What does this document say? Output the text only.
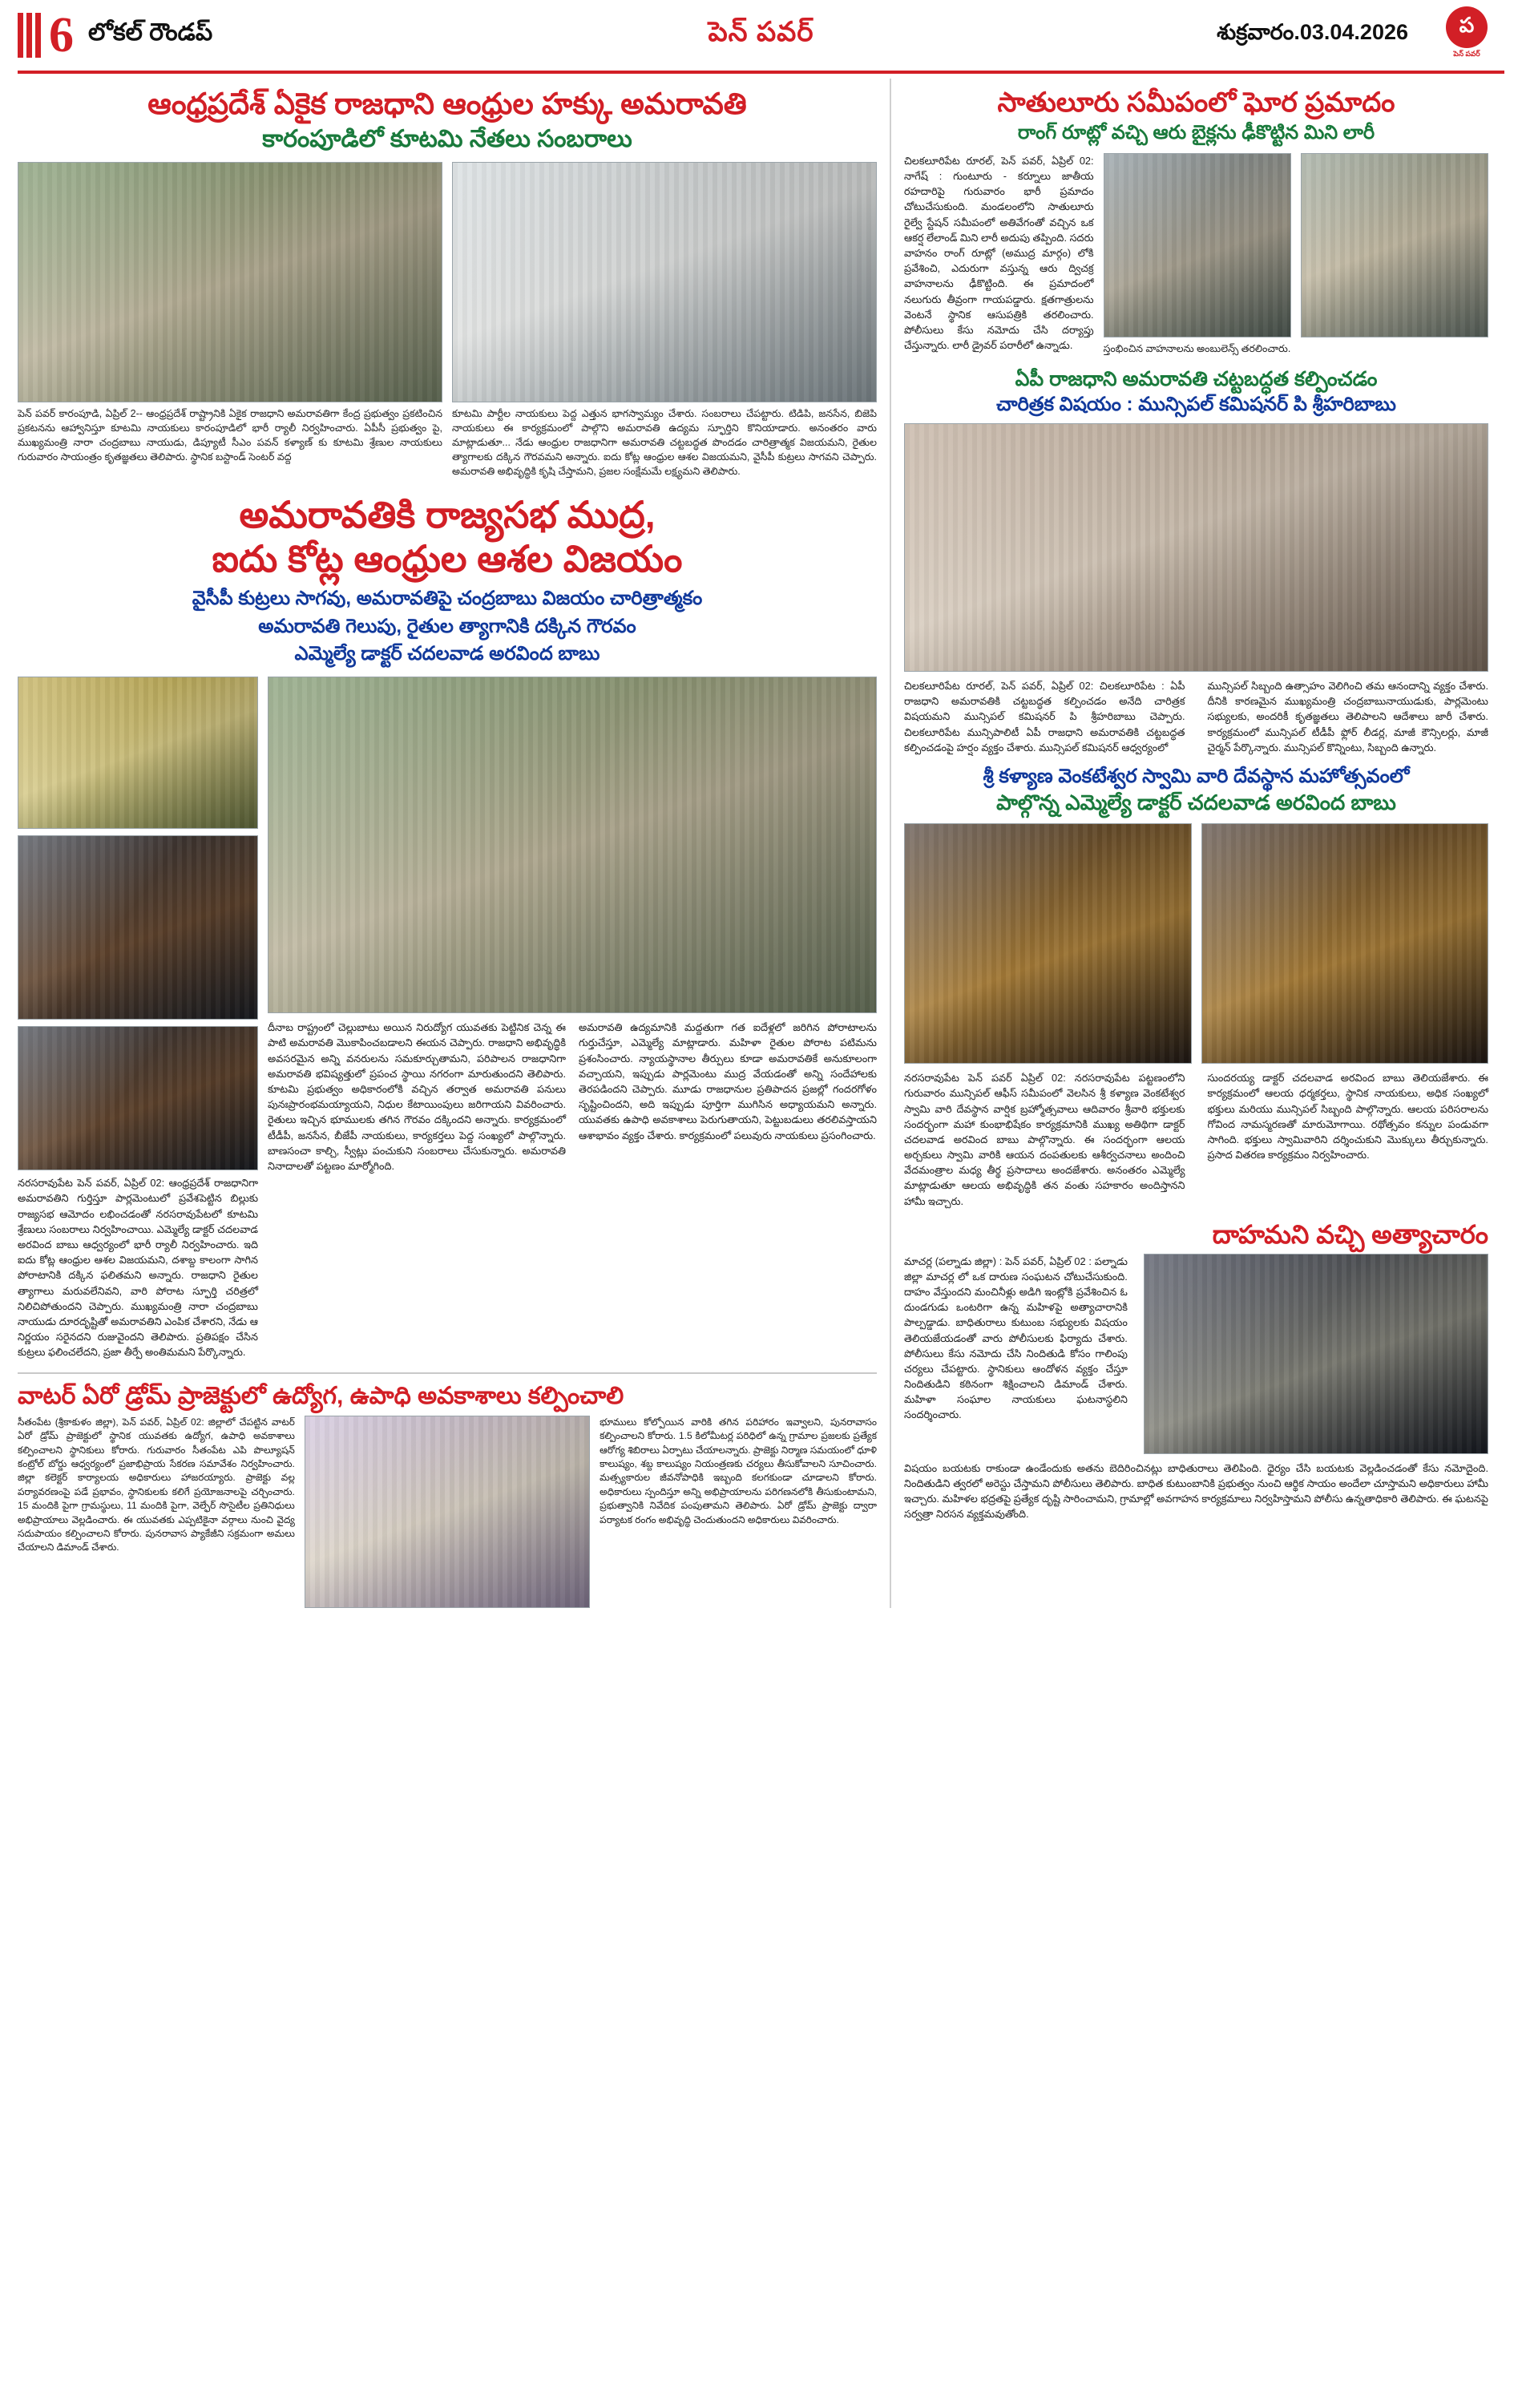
6 లోకల్ రౌండప్	పెన్ పవర్	శుక్రవారం.03.04.2026	ప
పెన్ పవర్
ఆంధ్రప్రదేశ్ ఏకైక రాజధాని ఆంధ్రుల హక్కు అమరావతి
కారంపూడిలో కూటమి నేతలు సంబరాలు
పెన్ పవర్ కారంపూడి, ఏప్రిల్ 2-- ఆంధ్రప్రదేశ్ రాష్ట్రానికి ఏకైక రాజధాని అమరావతిగా కేంద్ర ప్రభుత్వం ప్రకటించిన ప్రకటనను ఆహ్వానిస్తూ కూటమి నాయకులు కారంపూడిలో భారీ ర్యాలీ నిర్వహించారు. ఏపీసీ ప్రభుత్వం పై, ముఖ్యమంత్రి నారా చంద్రబాబు నాయుడు, డిప్యూటీ సీఎం పవన్ కళ్యాణ్ కు కూటమి శ్రేణుల నాయకులు గురువారం సాయంత్రం కృతజ్ఞతలు తెలిపారు. స్థానిక బస్టాండ్ సెంటర్ వద్ద
కూటమి పార్టీల నాయకులు పెద్ద ఎత్తున భాగస్వామ్యం చేశారు. సంబరాలు చేపట్టారు. టిడిపి, జనసేన, బిజెపి నాయకులు ఈ కార్యక్రమంలో పాల్గొని అమరావతి ఉద్యమ స్ఫూర్తిని కొనియాడారు. అనంతరం వారు మాట్లాడుతూ... నేడు ఆంధ్రుల రాజధానిగా అమరావతి చట్టబద్ధత పొందడం చారిత్రాత్మక విజయమని, రైతుల త్యాగాలకు దక్కిన గౌరవమని అన్నారు. ఐదు కోట్ల ఆంధ్రుల ఆశల విజయమని, వైసీపీ కుట్రలు సాగవని చెప్పారు. అమరావతి అభివృద్ధికి కృషి చేస్తామని, ప్రజల సంక్షేమమే లక్ష్యమని తెలిపారు.
అమరావతికి రాజ్యసభ ముద్ర,
ఐదు కోట్ల ఆంధ్రుల ఆశల విజయం
వైసీపీ కుట్రలు సాగవు, అమరావతిపై చంద్రబాబు విజయం చారిత్రాత్మకం
అమరావతి గెలుపు, రైతుల త్యాగానికి దక్కిన గౌరవం
ఎమ్మెల్యే డాక్టర్ చదలవాడ అరవింద బాబు
నరసరావుపేట పెన్ పవర్, ఏప్రిల్ 02: ఆంధ్రప్రదేశ్ రాజధానిగా అమరావతిని గుర్తిస్తూ పార్లమెంటులో ప్రవేశపెట్టిన బిల్లుకు రాజ్యసభ ఆమోదం లభించడంతో నరసరావుపేటలో కూటమి శ్రేణులు సంబరాలు నిర్వహించాయి. ఎమ్మెల్యే డాక్టర్ చదలవాడ అరవింద బాబు ఆధ్వర్యంలో భారీ ర్యాలీ నిర్వహించారు. ఇది ఐదు కోట్ల ఆంధ్రుల ఆశల విజయమని, దశాబ్ద కాలంగా సాగిన పోరాటానికి దక్కిన ఫలితమని అన్నారు. రాజధాని రైతుల త్యాగాలు మరువలేనివని, వారి పోరాట స్ఫూర్తి చరిత్రలో నిలిచిపోతుందని చెప్పారు. ముఖ్యమంత్రి నారా చంద్రబాబు నాయుడు దూరదృష్టితో అమరావతిని ఎంపిక చేశారని, నేడు ఆ నిర్ణయం సరైనదని రుజువైందని తెలిపారు. ప్రతిపక్షం చేసిన కుట్రలు ఫలించలేదని, ప్రజా తీర్పే అంతిమమని పేర్కొన్నారు.
దీనాబ రాష్ట్రంలో చెల్లుబాటు అయిన నిరుద్యోగ యువతకు పెట్టినిక చెన్న ఈ పాటి అమరావతి మెుకాపించబడాలని ఈయన చెప్పారు. రాజధాని అభివృద్ధికి అవసరమైన అన్ని వనరులను సమకూర్చుతామని, పరిపాలన రాజధానిగా అమరావతి భవిష్యత్తులో ప్రపంచ స్థాయి నగరంగా మారుతుందని తెలిపారు. కూటమి ప్రభుత్వం అధికారంలోకి వచ్చిన తర్వాత అమరావతి పనులు పునఃప్రారంభమయ్యాయని, నిధుల కేటాయింపులు జరిగాయని వివరించారు. రైతులు ఇచ్చిన భూములకు తగిన గౌరవం దక్కిందని అన్నారు. కార్యక్రమంలో టీడీపీ, జనసేన, బీజేపీ నాయకులు, కార్యకర్తలు పెద్ద సంఖ్యలో పాల్గొన్నారు. బాణసంచా కాల్చి, స్వీట్లు పంచుకుని సంబరాలు చేసుకున్నారు. అమరావతి నినాదాలతో పట్టణం మార్మోగింది.
అమరావతి ఉద్యమానికి మద్దతుగా గత ఐదేళ్లలో జరిగిన పోరాటాలను గుర్తుచేస్తూ, ఎమ్మెల్యే మాట్లాడారు. మహిళా రైతుల పోరాట పటిమను ప్రశంసించారు. న్యాయస్థానాల తీర్పులు కూడా అమరావతికే అనుకూలంగా వచ్చాయని, ఇప్పుడు పార్లమెంటు ముద్ర వేయడంతో అన్ని సందేహాలకు తెరపడిందని చెప్పారు. మూడు రాజధానుల ప్రతిపాదన ప్రజల్లో గందరగోళం సృష్టించిందని, అది ఇప్పుడు పూర్తిగా ముగిసిన అధ్యాయమని అన్నారు. యువతకు ఉపాధి అవకాశాలు పెరుగుతాయని, పెట్టుబడులు తరలివస్తాయని ఆశాభావం వ్యక్తం చేశారు. కార్యక్రమంలో పలువురు నాయకులు ప్రసంగించారు.
వాటర్ ఏరో డ్రోమ్ ప్రాజెక్టులో ఉద్యోగ, ఉపాధి అవకాశాలు కల్పించాలి
సీతంపేట (శ్రీకాకుళం జిల్లా), పెన్ పవర్, ఏప్రిల్ 02: జిల్లాలో చేపట్టిన వాటర్ ఏరో డ్రోమ్ ప్రాజెక్టులో స్థానిక యువతకు ఉద్యోగ, ఉపాధి అవకాశాలు కల్పించాలని స్థానికులు కోరారు. గురువారం సీతంపేట ఎపి పొల్యూషన్ కంట్రోల్ బోర్డు ఆధ్వర్యంలో ప్రజాభిప్రాయ సేకరణ సమావేశం నిర్వహించారు. జిల్లా కలెక్టర్ కార్యాలయ అధికారులు హాజరయ్యారు. ప్రాజెక్టు వల్ల పర్యావరణంపై పడే ప్రభావం, స్థానికులకు కలిగే ప్రయోజనాలపై చర్చించారు. 15 మందికి పైగా గ్రామస్థులు, 11 మందికి పైగా, వెల్ఫేర్ సొసైటీల ప్రతినిధులు అభిప్రాయాలు వెల్లడించారు. ఈ యువతకు ఎప్పటికైనా వర్గాలు నుంచి వైద్య సదుపాయం కల్పించాలని కోరారు. పునరావాస ప్యాకేజీని సక్రమంగా అమలు చేయాలని డిమాండ్ చేశారు.
భూములు కోల్పోయిన వారికి తగిన పరిహారం ఇవ్వాలని, పునరావాసం కల్పించాలని కోరారు. 1.5 కిలోమీటర్ల పరిధిలో ఉన్న గ్రామాల ప్రజలకు ప్రత్యేక ఆరోగ్య శిబిరాలు ఏర్పాటు చేయాలన్నారు. ప్రాజెక్టు నిర్మాణ సమయంలో ధూళి కాలుష్యం, శబ్ద కాలుష్యం నియంత్రణకు చర్యలు తీసుకోవాలని సూచించారు. మత్స్యకారుల జీవనోపాధికి ఇబ్బంది కలగకుండా చూడాలని కోరారు. అధికారులు స్పందిస్తూ అన్ని అభిప్రాయాలను పరిగణనలోకి తీసుకుంటామని, ప్రభుత్వానికి నివేదిక పంపుతామని తెలిపారు. ఏరో డ్రోమ్ ప్రాజెక్టు ద్వారా పర్యాటక రంగం అభివృద్ధి చెందుతుందని అధికారులు వివరించారు.
సాతులూరు సమీపంలో ఘోర ప్రమాదం
రాంగ్ రూట్లో వచ్చి ఆరు బైక్లను ఢీకొట్టిన మిని లారీ
చిలకలూరిపేట రూరల్, పెన్ పవర్, ఏప్రిల్ 02: నాగేష్ : గుంటూరు - కర్నూలు జాతీయ రహదారిపై గురువారం భారీ ప్రమాదం చోటుచేసుకుంది. మండలంలోని సాతులూరు రైల్వే స్టేషన్ సమీపంలో అతివేగంతో వచ్చిన ఒక ఆకర్ష లేలాండ్ మిని లారీ అదుపు తప్పింది. సదరు వాహనం రాంగ్ రూట్లో (అముద్ర మార్గం) లోకి ప్రవేశించి, ఎదురుగా వస్తున్న ఆరు ద్విచక్ర వాహనాలను ఢీకొట్టింది. ఈ ప్రమాదంలో నలుగురు తీవ్రంగా గాయపడ్డారు. క్షతగాత్రులను వెంటనే స్థానిక ఆసుపత్రికి తరలించారు. పోలీసులు కేసు నమోదు చేసి దర్యాప్తు చేస్తున్నారు. లారీ డ్రైవర్ పరారీలో ఉన్నాడు.	స్తంభించిన వాహనాలను అంబులెన్స్ తరలించారు.
ఏపీ రాజధాని అమరావతి చట్టబద్ధత కల్పించడం
చారిత్రక విషయం : మున్సిపల్ కమిషనర్ పి శ్రీహరిబాబు
చిలకలూరిపేట రూరల్, పెన్ పవర్, ఏప్రిల్ 02: చిలకలూరిపేట : ఏపీ రాజధాని అమరావతికి చట్టబద్ధత కల్పించడం అనేది చారిత్రక విషయమని మున్సిపల్ కమిషనర్ పి శ్రీహరిబాబు చెప్పారు. చిలకలూరిపేట మున్సిపాలిటీ ఏపీ రాజధాని అమరావతికి చట్టబద్ధత కల్పించడంపై హర్షం వ్యక్తం చేశారు. మున్సిపల్ కమిషనర్ ఆధ్వర్యంలో
మున్సిపల్ సిబ్బంది ఉత్సాహం వెలిగించి తమ ఆనందాన్ని వ్యక్తం చేశారు. దీనికి కారణమైన ముఖ్యమంత్రి చంద్రబాబునాయుడుకు, పార్లమెంటు సభ్యులకు, అందరికీ కృతజ్ఞతలు తెలిపాలని ఆదేశాలు జారీ చేశారు. కార్యక్రమంలో మున్సిపల్ టీడీపీ ఫ్లోర్ లీడర్ల, మాజీ కౌన్సిలర్లు, మాజీ చైర్మన్ పేర్కొన్నారు. మున్సిపల్ కొన్నింటు, సిబ్బంది ఉన్నారు.
శ్రీ కళ్యాణ వెంకటేశ్వర స్వామి వారి దేవస్థాన మహోత్సవంలో
పాల్గొన్న ఎమ్మెల్యే డాక్టర్ చదలవాడ అరవింద బాబు
నరసరావుపేట పెన్ పవర్ ఏప్రిల్ 02: నరసరావుపేట పట్టణంలోని గురువారం మున్సిపల్ ఆఫీస్ సమీపంలో వెలసిన శ్రీ కళ్యాణ వెంకటేశ్వర స్వామి వారి దేవస్థాన వార్షిక బ్రహ్మోత్సవాలు ఆదివారం శ్రీవారి భక్తులకు సందర్భంగా మహా కుంభాభిషేకం కార్యక్రమానికి ముఖ్య అతిథిగా డాక్టర్ చదలవాడ అరవింద బాబు పాల్గొన్నారు. ఈ సందర్భంగా ఆలయ అర్చకులు స్వామి వారికి ఆయన దంపతులకు ఆశీర్వచనాలు అందించి వేదమంత్రాల మధ్య తీర్థ ప్రసాదాలు అందజేశారు. అనంతరం ఎమ్మెల్యే మాట్లాడుతూ ఆలయ అభివృద్ధికి తన వంతు సహకారం అందిస్తానని హామీ ఇచ్చారు.
సుందరయ్య డాక్టర్ చదలవాడ అరవింద బాబు తెలియజేశారు. ఈ కార్యక్రమంలో ఆలయ ధర్మకర్తలు, స్థానిక నాయకులు, అధిక సంఖ్యలో భక్తులు మరియు మున్సిపల్ సిబ్బంది పాల్గొన్నారు. ఆలయ పరిసరాలను గోవింద నామస్మరణతో మారుమోగాయి. రథోత్సవం కన్నుల పండువగా సాగింది. భక్తులు స్వామివారిని దర్శించుకుని మొక్కులు తీర్చుకున్నారు. ప్రసాద వితరణ కార్యక్రమం నిర్వహించారు.
దాహమని వచ్చి అత్యాచారం
మాచర్ల (పల్నాడు జిల్లా) : పెన్ పవర్, ఏప్రిల్ 02 : పల్నాడు జిల్లా మాచర్ల లో ఒక దారుణ సంఘటన చోటుచేసుకుంది. దాహం వేస్తుందని మంచినీళ్లు అడిగి ఇంట్లోకి ప్రవేశించిన ఓ దుండగుడు ఒంటరిగా ఉన్న మహిళపై అత్యాచారానికి పాల్పడ్డాడు. బాధితురాలు కుటుంబ సభ్యులకు విషయం తెలియజేయడంతో వారు పోలీసులకు ఫిర్యాదు చేశారు. పోలీసులు కేసు నమోదు చేసి నిందితుడి కోసం గాలింపు చర్యలు చేపట్టారు. స్థానికులు ఆందోళన వ్యక్తం చేస్తూ నిందితుడిని కఠినంగా శిక్షించాలని డిమాండ్ చేశారు. మహిళా సంఘాల నాయకులు ఘటనాస్థలిని సందర్శించారు.
విషయం బయటకు రాకుండా ఉండేందుకు అతను బెదిరించినట్లు బాధితురాలు తెలిపింది. ధైర్యం చేసి బయటకు వెల్లడించడంతో కేసు నమోదైంది. నిందితుడిని త్వరలో అరెస్టు చేస్తామని పోలీసులు తెలిపారు. బాధిత కుటుంబానికి ప్రభుత్వం నుంచి ఆర్థిక సాయం అందేలా చూస్తామని అధికారులు హామీ ఇచ్చారు. మహిళల భద్రతపై ప్రత్యేక దృష్టి సారించామని, గ్రామాల్లో అవగాహన కార్యక్రమాలు నిర్వహిస్తామని పోలీసు ఉన్నతాధికారి తెలిపారు. ఈ ఘటనపై సర్వత్రా నిరసన వ్యక్తమవుతోంది.
